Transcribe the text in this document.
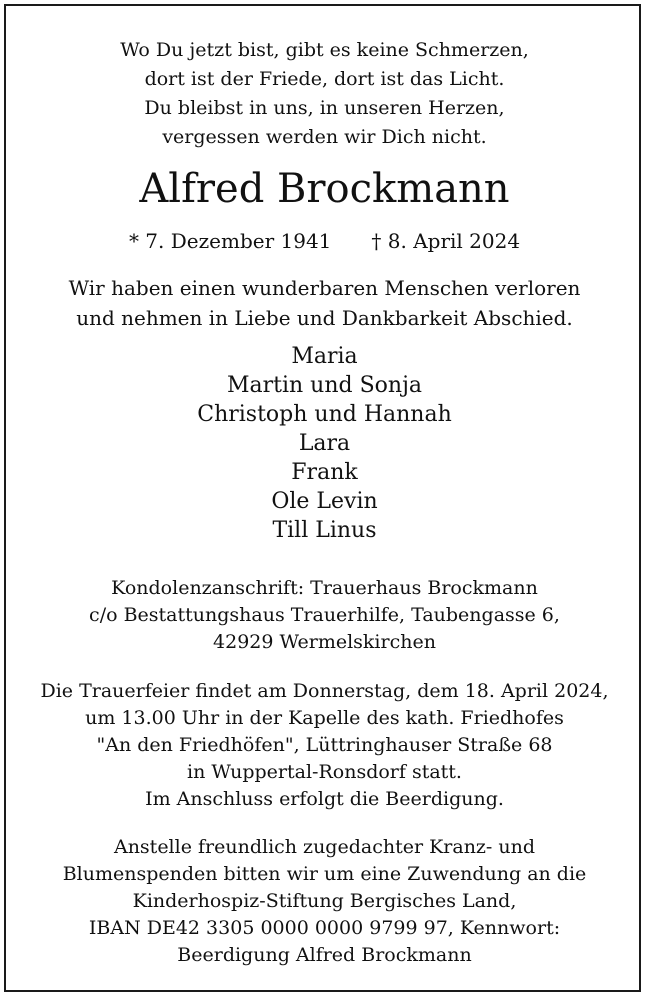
Wo Du jetzt bist, gibt es keine Schmerzen,
dort ist der Friede, dort ist das Licht.
Du bleibst in uns, in unseren Herzen,
vergessen werden wir Dich nicht.
Alfred Brockmann
* 7. Dezember 1941 † 8. April 2024
Wir haben einen wunderbaren Menschen verloren
und nehmen in Liebe und Dankbarkeit Abschied.
Maria
Martin und Sonja
Christoph und Hannah
Lara
Frank
Ole Levin
Till Linus
Kondolenzanschrift: Trauerhaus Brockmann
c/o Bestattungshaus Trauerhilfe, Taubengasse 6,
42929 Wermelskirchen
Die Trauerfeier findet am Donnerstag, dem 18. April 2024,
um 13.00 Uhr in der Kapelle des kath. Friedhofes
"An den Friedhöfen", Lüttringhauser Straße 68
in Wuppertal-Ronsdorf statt.
Im Anschluss erfolgt die Beerdigung.
Anstelle freundlich zugedachter Kranz- und
Blumenspenden bitten wir um eine Zuwendung an die
Kinderhospiz-Stiftung Bergisches Land,
IBAN DE42 3305 0000 0000 9799 97, Kennwort:
Beerdigung Alfred Brockmann
